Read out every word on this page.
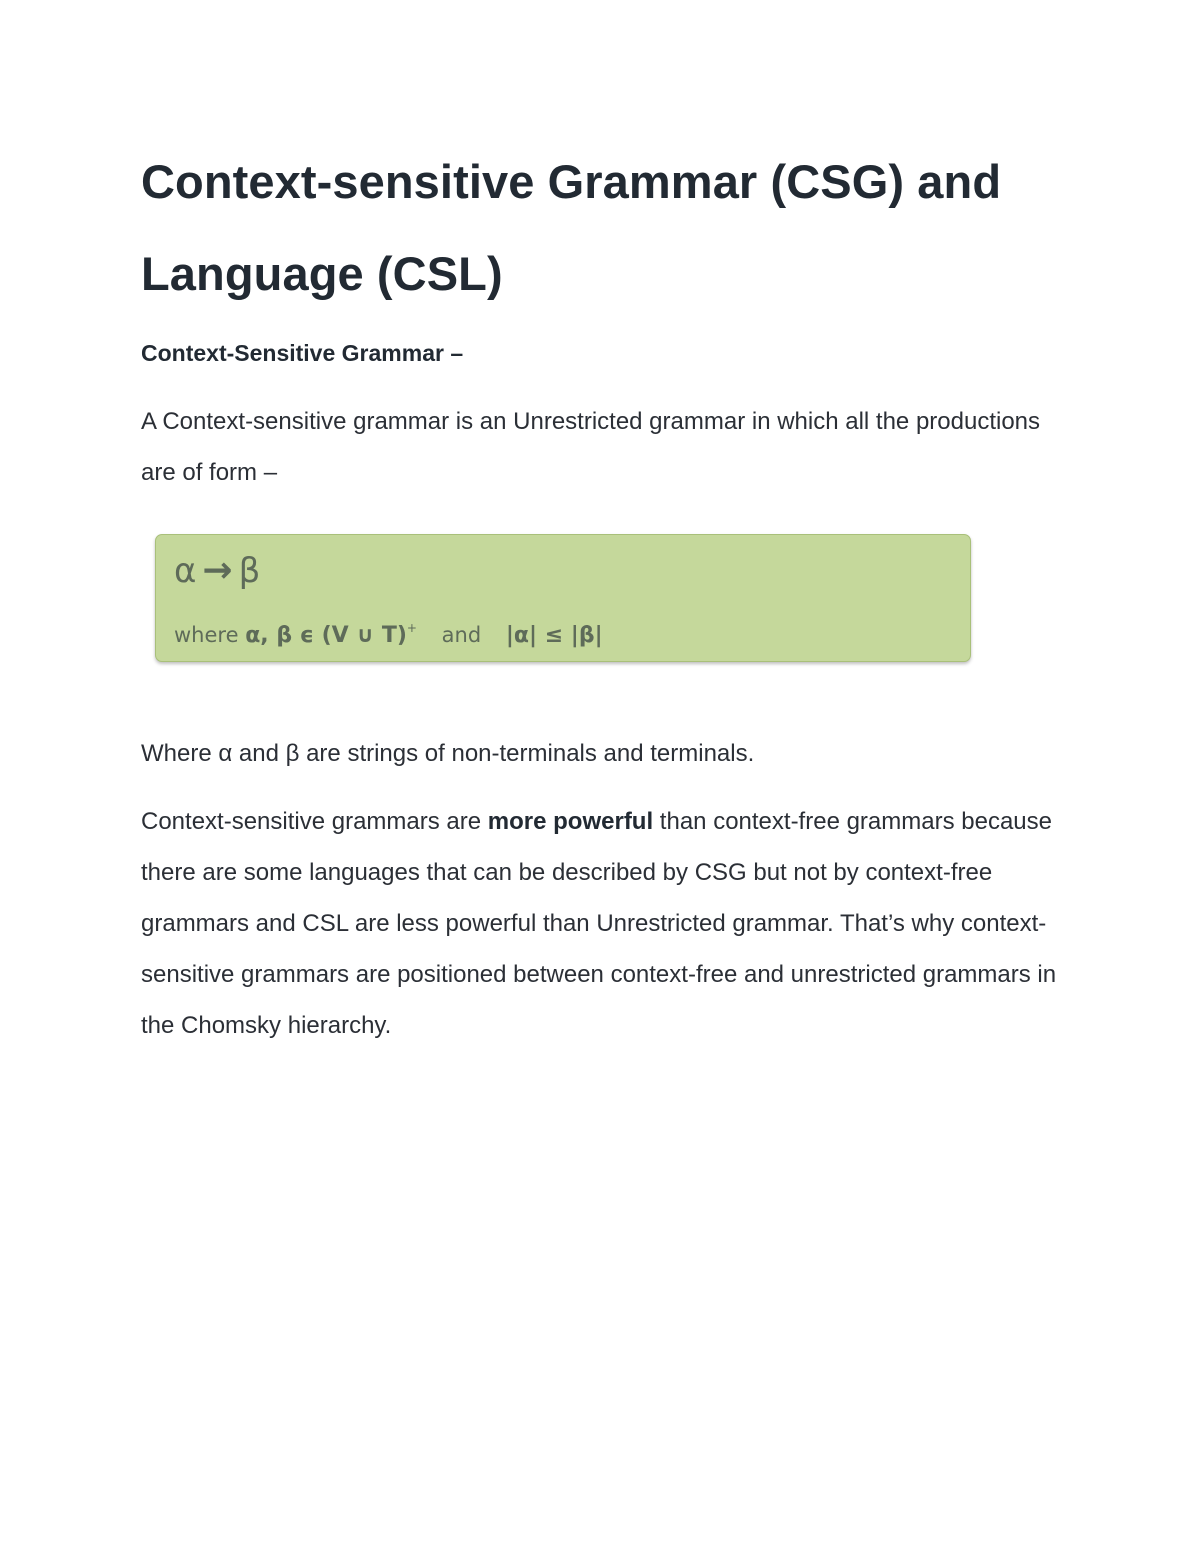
Context-sensitive Grammar (CSG) and Language (CSL)

Context-Sensitive Grammar –

A Context-sensitive grammar is an Unrestricted grammar in which all the productions are of form –

α → β
where α, β ϵ (V ∪ T)+ and |α| ≤ |β|

Where α and β are strings of non-terminals and terminals.

Context-sensitive grammars are more powerful than context-free grammars because there are some languages that can be described by CSG but not by context-free grammars and CSL are less powerful than Unrestricted grammar. That’s why context-sensitive grammars are positioned between context-free and unrestricted grammars in the Chomsky hierarchy.
